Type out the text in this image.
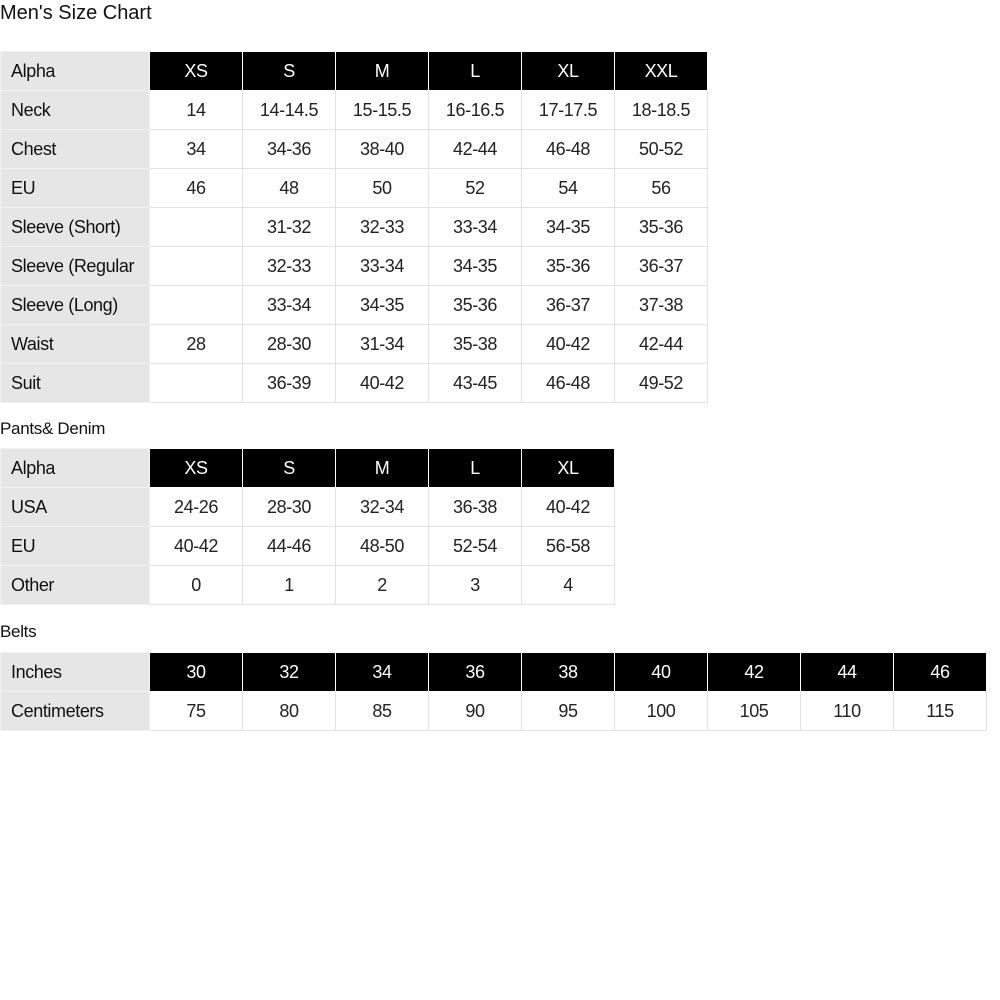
Men's Size Chart
Alpha	XS	S	M	L	XL	XXL
Neck	14	14-14.5	15-15.5	16-16.5	17-17.5	18-18.5
Chest	34	34-36	38-40	42-44	46-48	50-52
EU	46	48	50	52	54	56
Sleeve (Short)		31-32	32-33	33-34	34-35	35-36
Sleeve (Regular		32-33	33-34	34-35	35-36	36-37
Sleeve (Long)		33-34	34-35	35-36	36-37	37-38
Waist	28	28-30	31-34	35-38	40-42	42-44
Suit		36-39	40-42	43-45	46-48	49-52
Pants& Denim
Alpha	XS	S	M	L	XL
USA	24-26	28-30	32-34	36-38	40-42
EU	40-42	44-46	48-50	52-54	56-58
Other	0	1	2	3	4
Belts
Inches	30	32	34	36	38	40	42	44	46
Centimeters	75	80	85	90	95	100	105	110	115
